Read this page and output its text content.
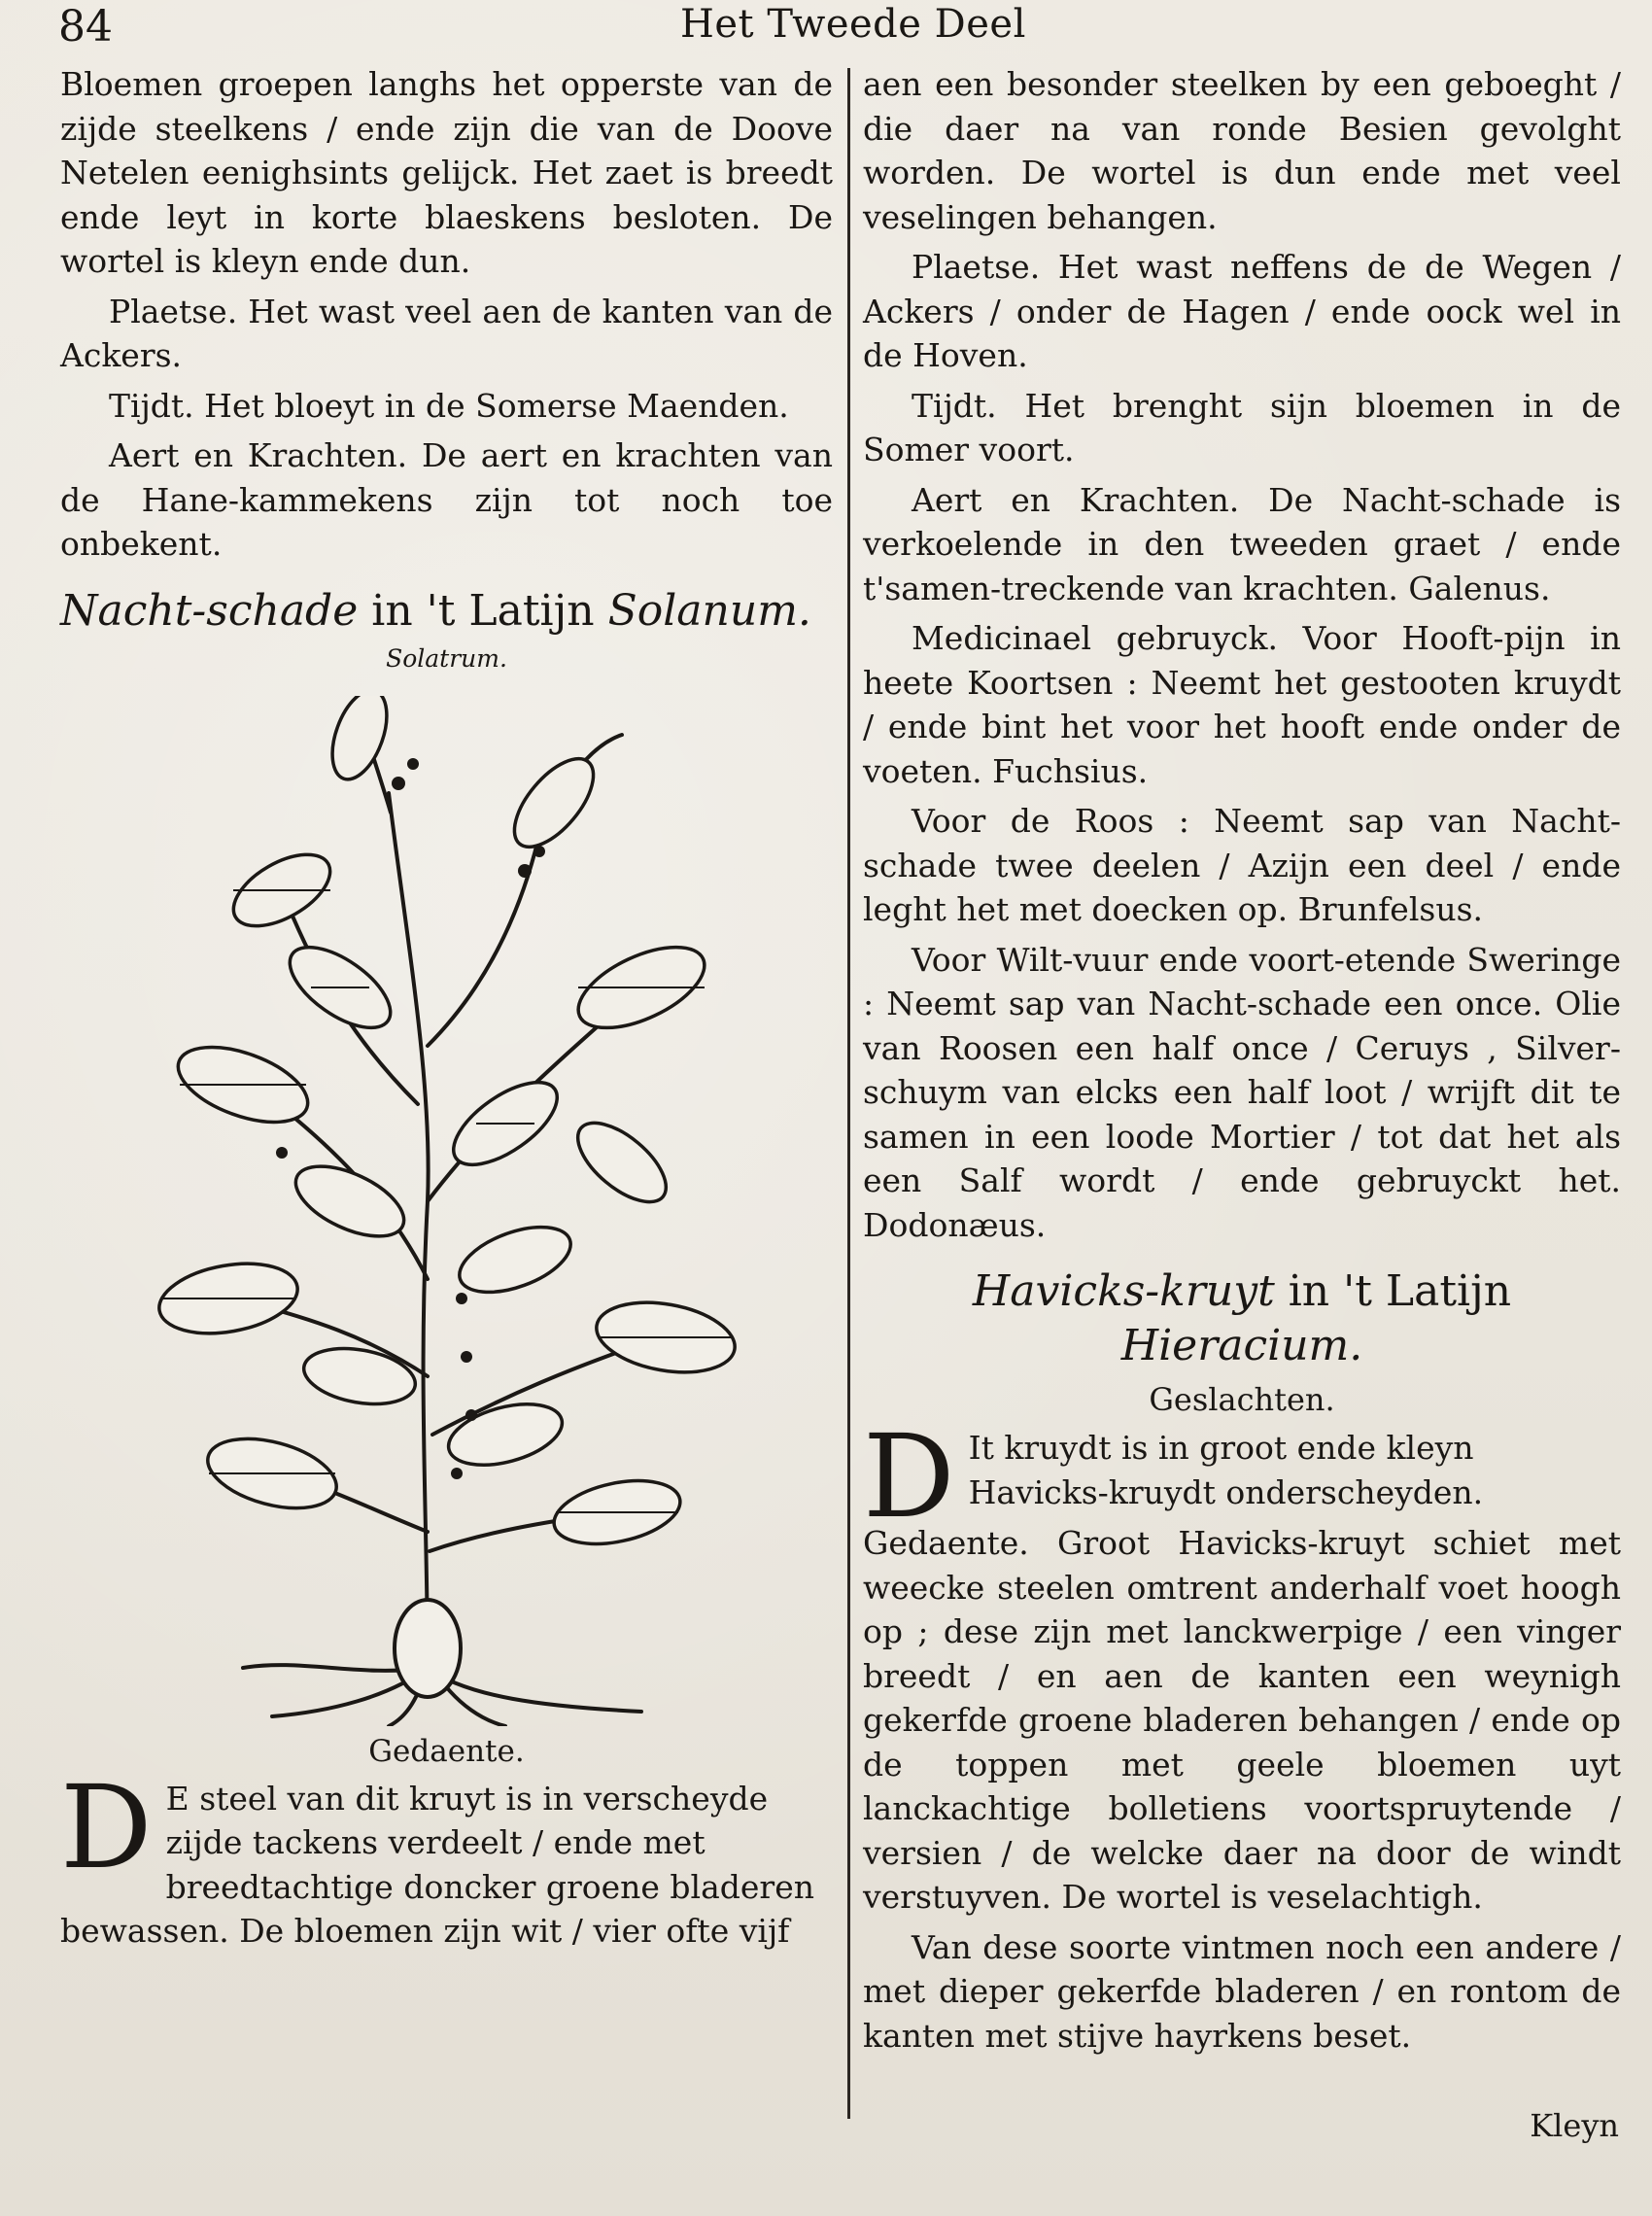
84	Het Tweede Deel

Bloemen groepen langhs het opperste van de zijde steelkens / ende zijn die van de Doove Netelen eenighsints gelijck. Het zaet is breedt ende leyt in korte blaeskens besloten. De wortel is kleyn ende dun.

Plaetse. Het wast veel aen de kanten van de Ackers.

Tijdt. Het bloeyt in de Somerse Maenden.

Aert en Krachten. De aert en krachten van de Hane-kammekens zijn tot noch toe onbekent.

Nacht-schade in 't Latijn Solanum.
Solatrum.
Gedaente.
D E steel van dit kruyt is in verscheyde zijde tackens verdeelt / ende met breedtachtige doncker groene bladeren bewassen. De bloemen zijn wit / vier ofte vijf

aen een besonder steelken by een geboeght / die daer na van ronde Besien gevolght worden. De wortel is dun ende met veel veselingen behangen.

Plaetse. Het wast neffens de de Wegen / Ackers / onder de Hagen / ende oock wel in de Hoven.

Tijdt. Het brenght sijn bloemen in de Somer voort.

Aert en Krachten. De Nacht-schade is verkoelende in den tweeden graet / ende t'samen-treckende van krachten. Galenus.

Medicinael gebruyck. Voor Hooft-pijn in heete Koortsen : Neemt het gestooten kruydt / ende bint het voor het hooft ende onder de voeten. Fuchsius.

Voor de Roos : Neemt sap van Nacht-schade twee deelen / Azijn een deel / ende leght het met doecken op. Brunfelsus.

Voor Wilt-vuur ende voort-etende Sweringe : Neemt sap van Nacht-schade een once. Olie van Roosen een half once / Ceruys , Silver-schuym van elcks een half loot / wrijft dit te samen in een loode Mortier / tot dat het als een Salf wordt / ende gebruyckt het. Dodonæus.

Havicks-kruyt in 't Latijn Hieracium.
Geslachten.
D It kruydt is in groot ende kleyn Havicks-kruydt onderscheyden.

Gedaente. Groot Havicks-kruyt schiet met weecke steelen omtrent anderhalf voet hoogh op ; dese zijn met lanckwerpige / een vinger breedt / en aen de kanten een weynigh gekerfde groene bladeren behangen / ende op de toppen met geele bloemen uyt lanckachtige bolletiens voortspruytende / versien / de welcke daer na door de windt verstuyven. De wortel is veselachtigh.

Van dese soorte vintmen noch een andere / met dieper gekerfde bladeren / en rontom de kanten met stijve hayrkens beset.

Kleyn
